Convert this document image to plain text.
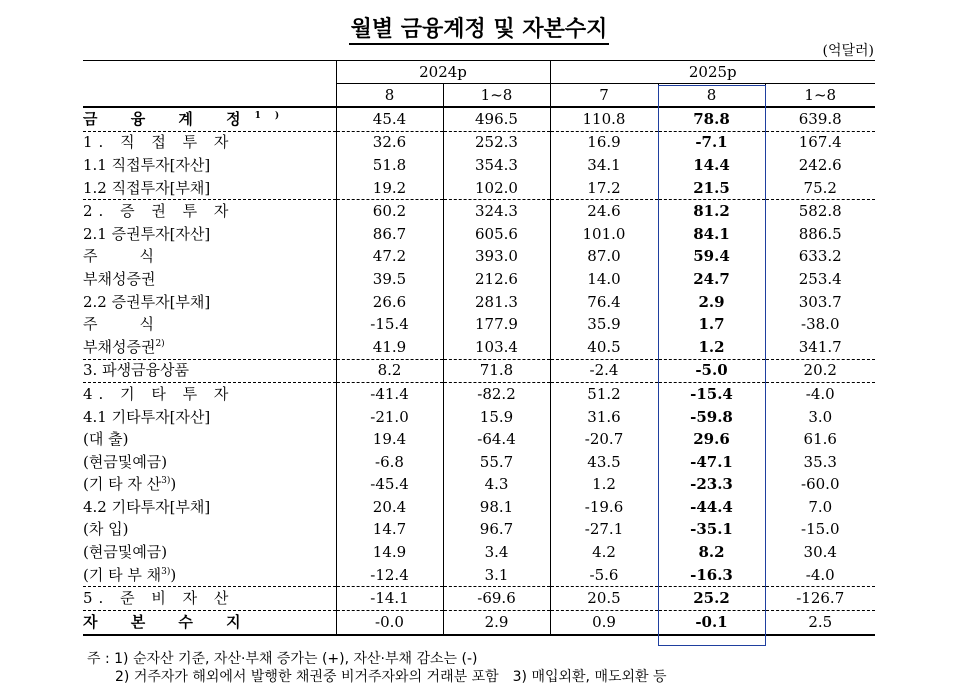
월별 금융계정 및 자본수지
(억달러)
	2024p		2025p		
	8	1~8	7	8	1~8
금 융 계 정$^{1)}$	45.4	496.5	110.8	78.8	639.8
1. 직 접 투 자	32.6	252.3	16.9	-7.1	167.4
1.1 직접투자[자산]	51.8	354.3	34.1	14.4	242.6
1.2 직접투자[부채]	19.2	102.0	17.2	21.5	75.2
2. 증 권 투 자	60.2	324.3	24.6	81.2	582.8
2.1 증권투자[자산]	86.7	605.6	101.0	84.1	886.5
주식	47.2	393.0	87.0	59.4	633.2
부채성증권	39.5	212.6	14.0	24.7	253.4
2.2 증권투자[부채]	26.6	281.3	76.4	2.9	303.7
주식	-15.4	177.9	35.9	1.7	-38.0
부채성증권$^{2)}$	41.9	103.4	40.5	1.2	341.7
3. 파생금융상품	8.2	71.8	-2.4	-5.0	20.2
4. 기 타 투 자	-41.4	-82.2	51.2	-15.4	-4.0
4.1 기타투자[자산]	-21.0	15.9	31.6	-59.8	3.0
(대 출)	19.4	-64.4	-20.7	29.6	61.6
(현금및예금)	-6.8	55.7	43.5	-47.1	35.3
(기 타 자 산$^{3)}$)	-45.4	4.3	1.2	-23.3	-60.0
4.2 기타투자[부채]	20.4	98.1	-19.6	-44.4	7.0
(차 입)	14.7	96.7	-27.1	-35.1	-15.0
(현금및예금)	14.9	3.4	4.2	8.2	30.4
(기 타 부 채$^{3)}$)	-12.4	3.1	-5.6	-16.3	-4.0
5. 준 비 자 산	-14.1	-69.6	20.5	25.2	-126.7
자 본 수 지	-0.0	2.9	0.9	-0.1	2.5
주 : 1) 순자산 기준, 자산·부채 증가는 (+), 자산·부채 감소는 (-)
2) 거주자가 해외에서 발행한 채권중 비거주자와의 거래분 포함 3) 매입외환, 매도외환 등
